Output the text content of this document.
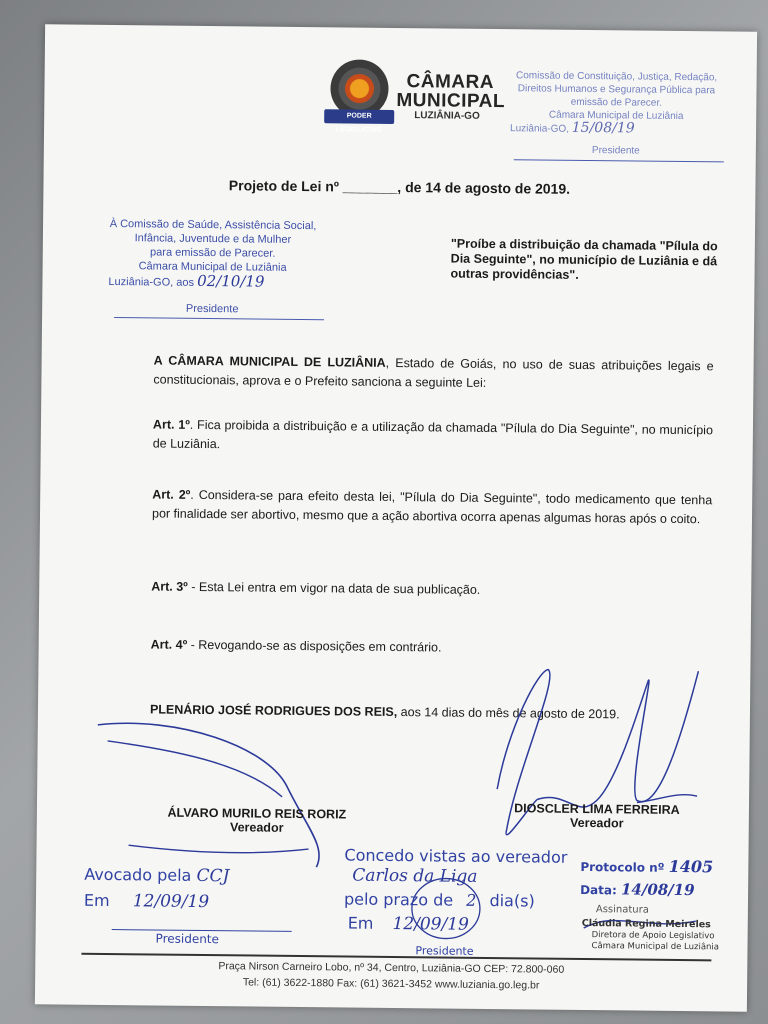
PODER LEGISLATIVO
CÂMARA
MUNICIPAL
LUZIÂNIA-GO
Comissão de Constituição, Justiça, Redação,
Direitos Humanos e Segurança Pública para
emissão de Parecer.
Câmara Municipal de Luziânia
Luziânia-GO, 15/08/19
Presidente
Projeto de Lei nº _______, de 14 de agosto de 2019.
À Comissão de Saúde, Assistência Social,
Infância, Juventude e da Mulher
para emissão de Parecer.
Câmara Municipal de Luziânia
Luziânia-GO, aos 02/10/19
Presidente
"Proíbe a distribuição da chamada "Pílula do Dia Seguinte", no município de Luziânia e dá outras providências".
A CÂMARA MUNICIPAL DE LUZIÂNIA, Estado de Goiás, no uso de suas atribuições legais e constitucionais, aprova e o Prefeito sanciona a seguinte Lei:
Art. 1º. Fica proibida a distribuição e a utilização da chamada "Pílula do Dia Seguinte", no município de Luziânia.
Art. 2º. Considera-se para efeito desta lei, "Pílula do Dia Seguinte", todo medicamento que tenha por finalidade ser abortivo, mesmo que a ação abortiva ocorra apenas algumas horas após o coito.
Art. 3º - Esta Lei entra em vigor na data de sua publicação.
Art. 4º - Revogando-se as disposições em contrário.
PLENÁRIO JOSÉ RODRIGUES DOS REIS, aos 14 dias do mês de agosto de 2019.
ÁLVARO MURILO REIS RORIZ
Vereador
DIOSCLER LIMA FERREIRA
Vereador
Avocado pela CCJ
Em 12/09/19
Presidente
Concedo vistas ao vereador
Carlos da Liga
pelo prazo de 2 dia(s)
Em 12/09/19
Presidente
Protocolo nº 1405
Data: 14/08/19
Assinatura
Cláudia Regina Meireles
Diretora de Apoio Legislativo
Câmara Municipal de Luziânia
Praça Nirson Carneiro Lobo, nº 34, Centro, Luziânia-GO CEP: 72.800-060
Tel: (61) 3622-1880 Fax: (61) 3621-3452 www.luziania.go.leg.br
